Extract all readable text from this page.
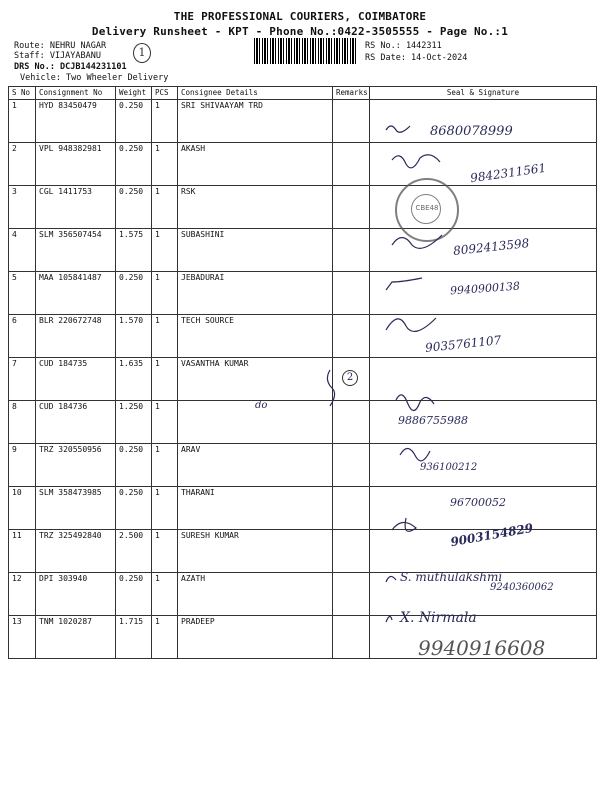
THE PROFESSIONAL COURIERS, COIMBATORE
Delivery Runsheet - KPT - Phone No.:0422-3505555 - Page No.:1
Route: NEHRU NAGAR
Staff: VIJAYABANU
DRS No.: DCJB144231101
Vehicle: Two Wheeler Delivery
1	RS No.: 1442311
RS Date: 14-Oct-2024
S No	Consignment No	Weight	PCS	Consignee Details	Remarks	Seal & Signature
1	HYD 83450479	0.250	1	SRI SHIVAAYAM TRD		
2	VPL 948382981	0.250	1	AKASH		
3	CGL 1411753	0.250	1	RSK		
4	SLM 356507454	1.575	1	SUBASHINI		
5	MAA 105841487	0.250	1	JEBADURAI		
6	BLR 220672748	1.570	1	TECH SOURCE		
7	CUD 184735	1.635	1	VASANTHA KUMAR		
8	CUD 184736	1.250	1			
9	TRZ 320550956	0.250	1	ARAV		
10	SLM 358473985	0.250	1	THARANI		
11	TRZ 325492840	2.500	1	SURESH KUMAR		
12	DPI 303940	0.250	1	AZATH		
13	TNM 1020287	1.715	1	PRADEEP		
CBE48
8680078999
9842311561
8092413598
9940900138
9035761107
do
9886755988
936100212
96700052
9003154829
S. muthulakshmi
9240360062
X. Nirmala
9940916608
2
